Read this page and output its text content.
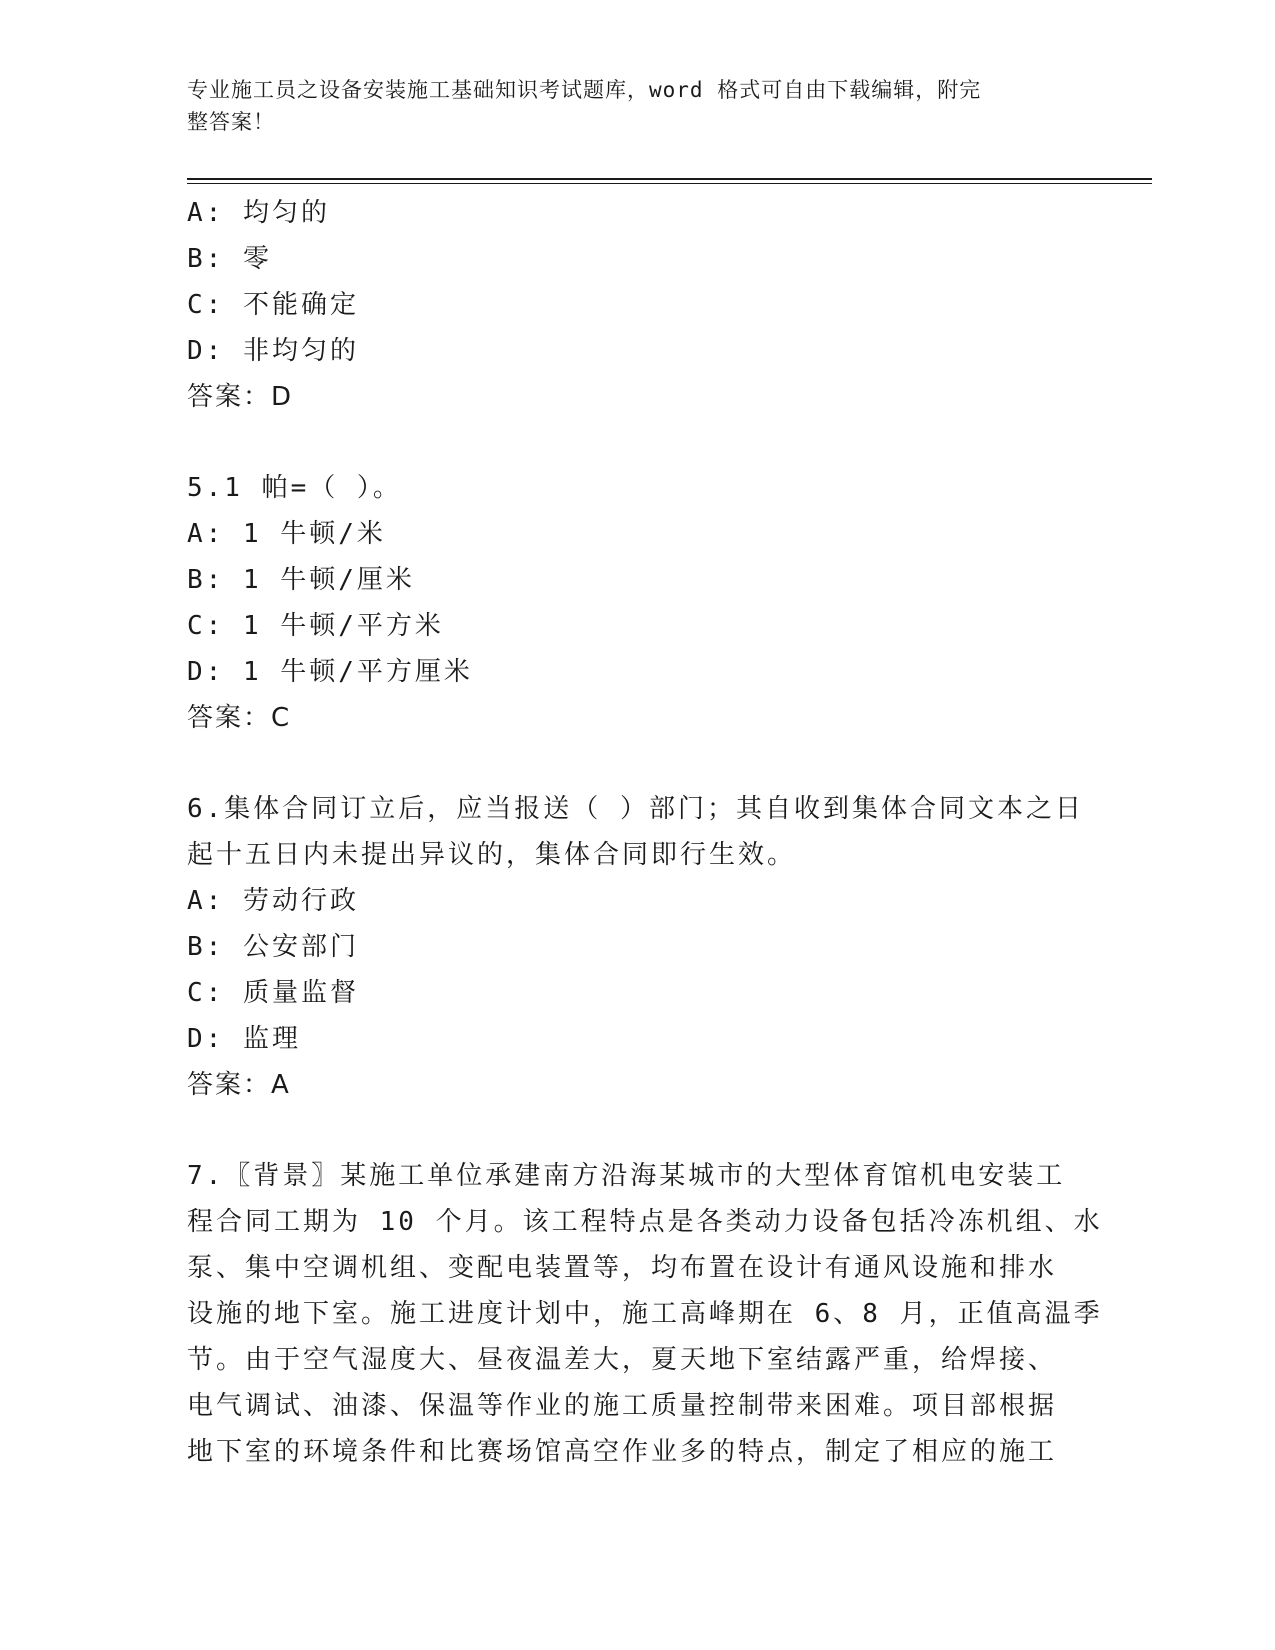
专业施工员之设备安装施工基础知识考试题库，word 格式可自由下载编辑，附完
整答案！
A: 均匀的
B: 零
C: 不能确定
D: 非均匀的
答案：D
5.1 帕=（ ）。
A: 1 牛顿/米
B: 1 牛顿/厘米
C: 1 牛顿/平方米
D: 1 牛顿/平方厘米
答案：C
6.集体合同订立后，应当报送（ ）部门；其自收到集体合同文本之日
起十五日内未提出异议的，集体合同即行生效。
A: 劳动行政
B: 公安部门
C: 质量监督
D: 监理
答案：A
7.〖背景〗某施工单位承建南方沿海某城市的大型体育馆机电安装工
程合同工期为 10 个月。该工程特点是各类动力设备包括冷冻机组、水
泵、集中空调机组、变配电装置等，均布置在设计有通风设施和排水
设施的地下室。施工进度计划中，施工高峰期在 6、8 月，正值高温季
节。由于空气湿度大、昼夜温差大，夏天地下室结露严重，给焊接、
电气调试、油漆、保温等作业的施工质量控制带来困难。项目部根据
地下室的环境条件和比赛场馆高空作业多的特点，制定了相应的施工
